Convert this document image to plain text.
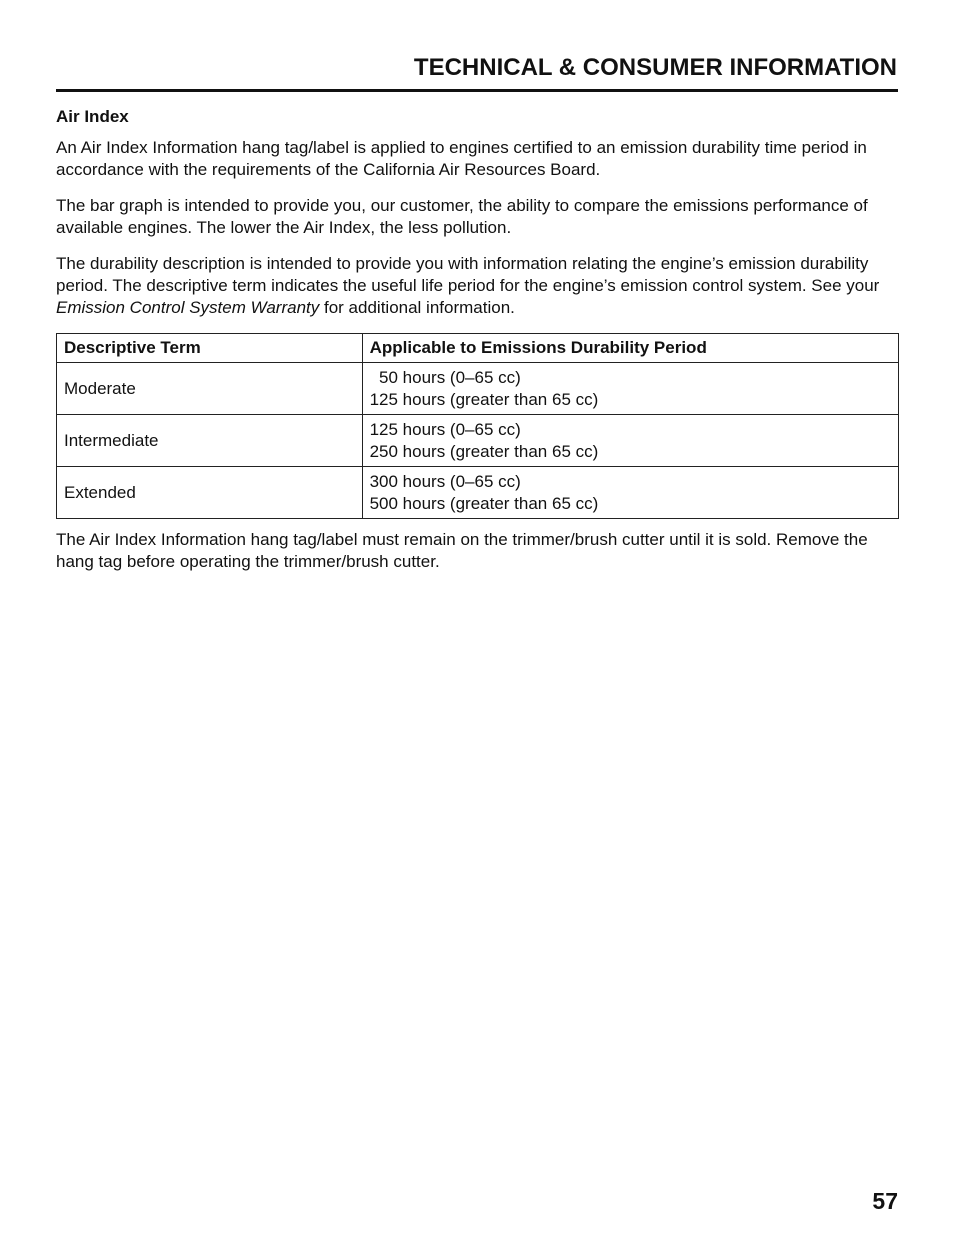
TECHNICAL & CONSUMER INFORMATION
Air Index

An Air Index Information hang tag/label is applied to engines certified to an emission durability time period in accordance with the requirements of the California Air Resources Board.

The bar graph is intended to provide you, our customer, the ability to compare the emissions performance of available engines. The lower the Air Index, the less pollution.

The durability description is intended to provide you with information relating the engine’s emission durability period. The descriptive term indicates the useful life period for the engine’s emission control system. See your Emission Control System Warranty for additional information.

Descriptive Term	Applicable to Emissions Durability Period
Moderate	50 hours (0–65 cc)
125 hours (greater than 65 cc)

Intermediate	125 hours (0–65 cc)
250 hours (greater than 65 cc)

Extended	300 hours (0–65 cc)
500 hours (greater than 65 cc)

The Air Index Information hang tag/label must remain on the trimmer/brush cutter until it is sold. Remove the hang tag before operating the trimmer/brush cutter.

57
